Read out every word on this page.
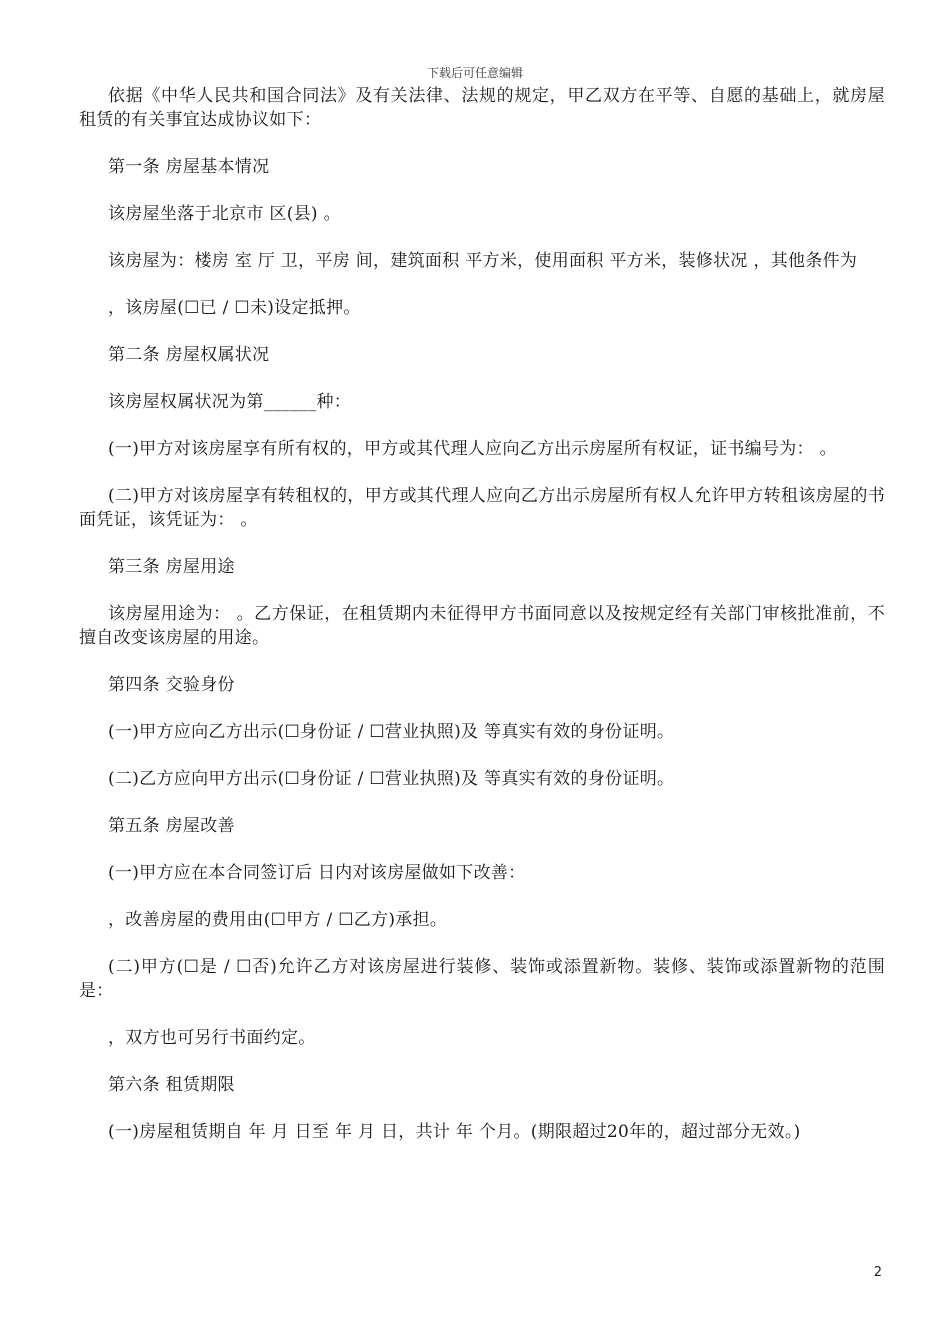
下载后可任意编辑

依据《中华人民共和国合同法》及有关法律、法规的规定，甲乙双方在平等、自愿的基础上，就房屋租赁的有关事宜达成协议如下：

第一条 房屋基本情况

该房屋坐落于北京市 区(县) 。

该房屋为：楼房 室 厅 卫，平房 间，建筑面积 平方米，使用面积 平方米，装修状况 ，其他条件为

，该房屋(☐已 / ☐未)设定抵押。

第二条 房屋权属状况

该房屋权属状况为第______种：

(一)甲方对该房屋享有所有权的，甲方或其代理人应向乙方出示房屋所有权证，证书编号为： 。

(二)甲方对该房屋享有转租权的，甲方或其代理人应向乙方出示房屋所有权人允许甲方转租该房屋的书面凭证，该凭证为： 。

第三条 房屋用途

该房屋用途为： 。乙方保证，在租赁期内未征得甲方书面同意以及按规定经有关部门审核批准前，不擅自改变该房屋的用途。

第四条 交验身份

(一)甲方应向乙方出示(☐身份证 / ☐营业执照)及 等真实有效的身份证明。

(二)乙方应向甲方出示(☐身份证 / ☐营业执照)及 等真实有效的身份证明。

第五条 房屋改善

(一)甲方应在本合同签订后 日内对该房屋做如下改善：

，改善房屋的费用由(☐甲方 / ☐乙方)承担。

(二)甲方(☐是 / ☐否)允许乙方对该房屋进行装修、装饰或添置新物。装修、装饰或添置新物的范围是：

，双方也可另行书面约定。

第六条 租赁期限

(一)房屋租赁期自 年 月 日至 年 月 日，共计 年 个月。(期限超过20年的，超过部分无效。)

2
